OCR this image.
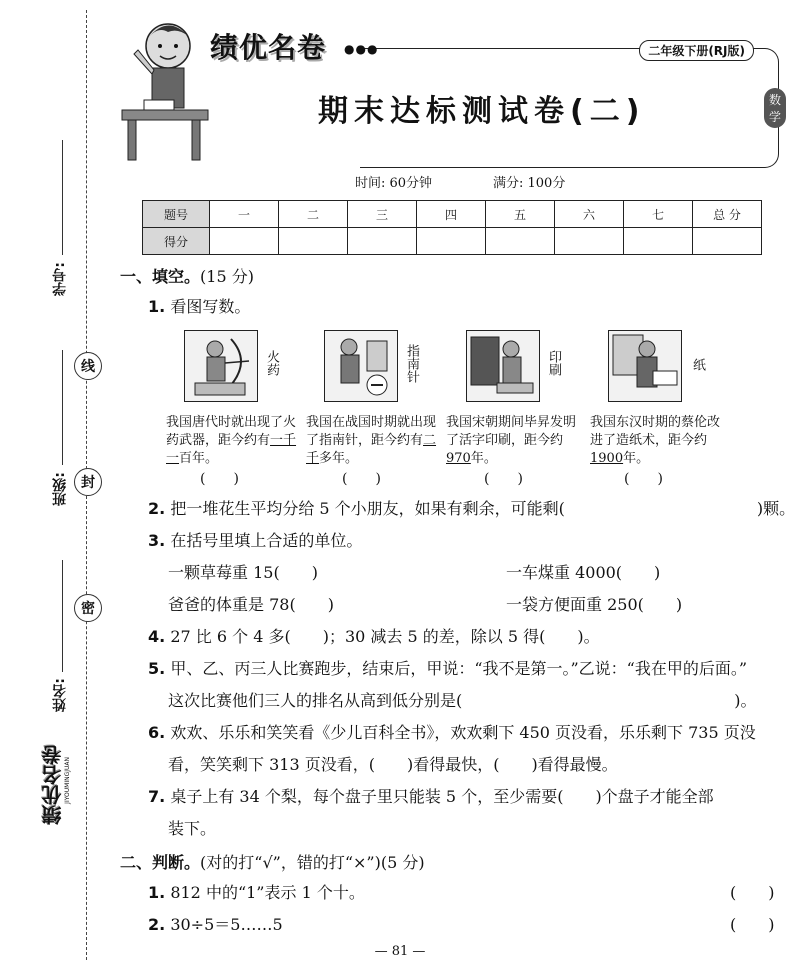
线
封
密
学号:
班级:
姓名:
绩优名卷 JIYOUMINGJUAN
绩优名卷 ●●●	二年级下册(RJ版)
期末达标测试卷(二)	数学
时间: 60分钟	满分: 100分
题号	一	二	三	四	五	六	七	总 分
得分								
一、填空。(15 分)
1. 看图写数。
火药	指南针	印刷	纸
我国唐代时就出现了火药武器，距今约有一千一百年。
我国在战国时期就出现了指南针，距今约有二千多年。
我国宋朝期间毕昇发明了活字印刷，距今约970年。
我国东汉时期的蔡伦改进了造纸术，距今约1900年。
(　　)	(　　)	(　　)	(　　)
2. 把一堆花生平均分给 5 个小朋友，如果有剩余，可能剩(　　　　　　　　　　　　)颗。
3. 在括号里填上合适的单位。
一颗草莓重 15(　　)	一车煤重 4000(　　)
爸爸的体重是 78(　　)	一袋方便面重 250(　　)
4. 27 比 6 个 4 多(　　)；30 减去 5 的差，除以 5 得(　　)。
5. 甲、乙、丙三人比赛跑步，结束后，甲说：“我不是第一。”乙说：“我在甲的后面。”
这次比赛他们三人的排名从高到低分别是(　　　　　　　　　　　　　　　　　)。
6. 欢欢、乐乐和笑笑看《少儿百科全书》，欢欢剩下 450 页没看，乐乐剩下 735 页没
看，笑笑剩下 313 页没看，(　　)看得最快，(　　)看得最慢。
7. 桌子上有 34 个梨，每个盘子里只能装 5 个，至少需要(　　)个盘子才能全部
装下。
二、判断。(对的打“√”，错的打“×”)(5 分)
1. 812 中的“1”表示 1 个十。	(　　)
2. 30÷5＝5……5	(　　)
— 81 —
